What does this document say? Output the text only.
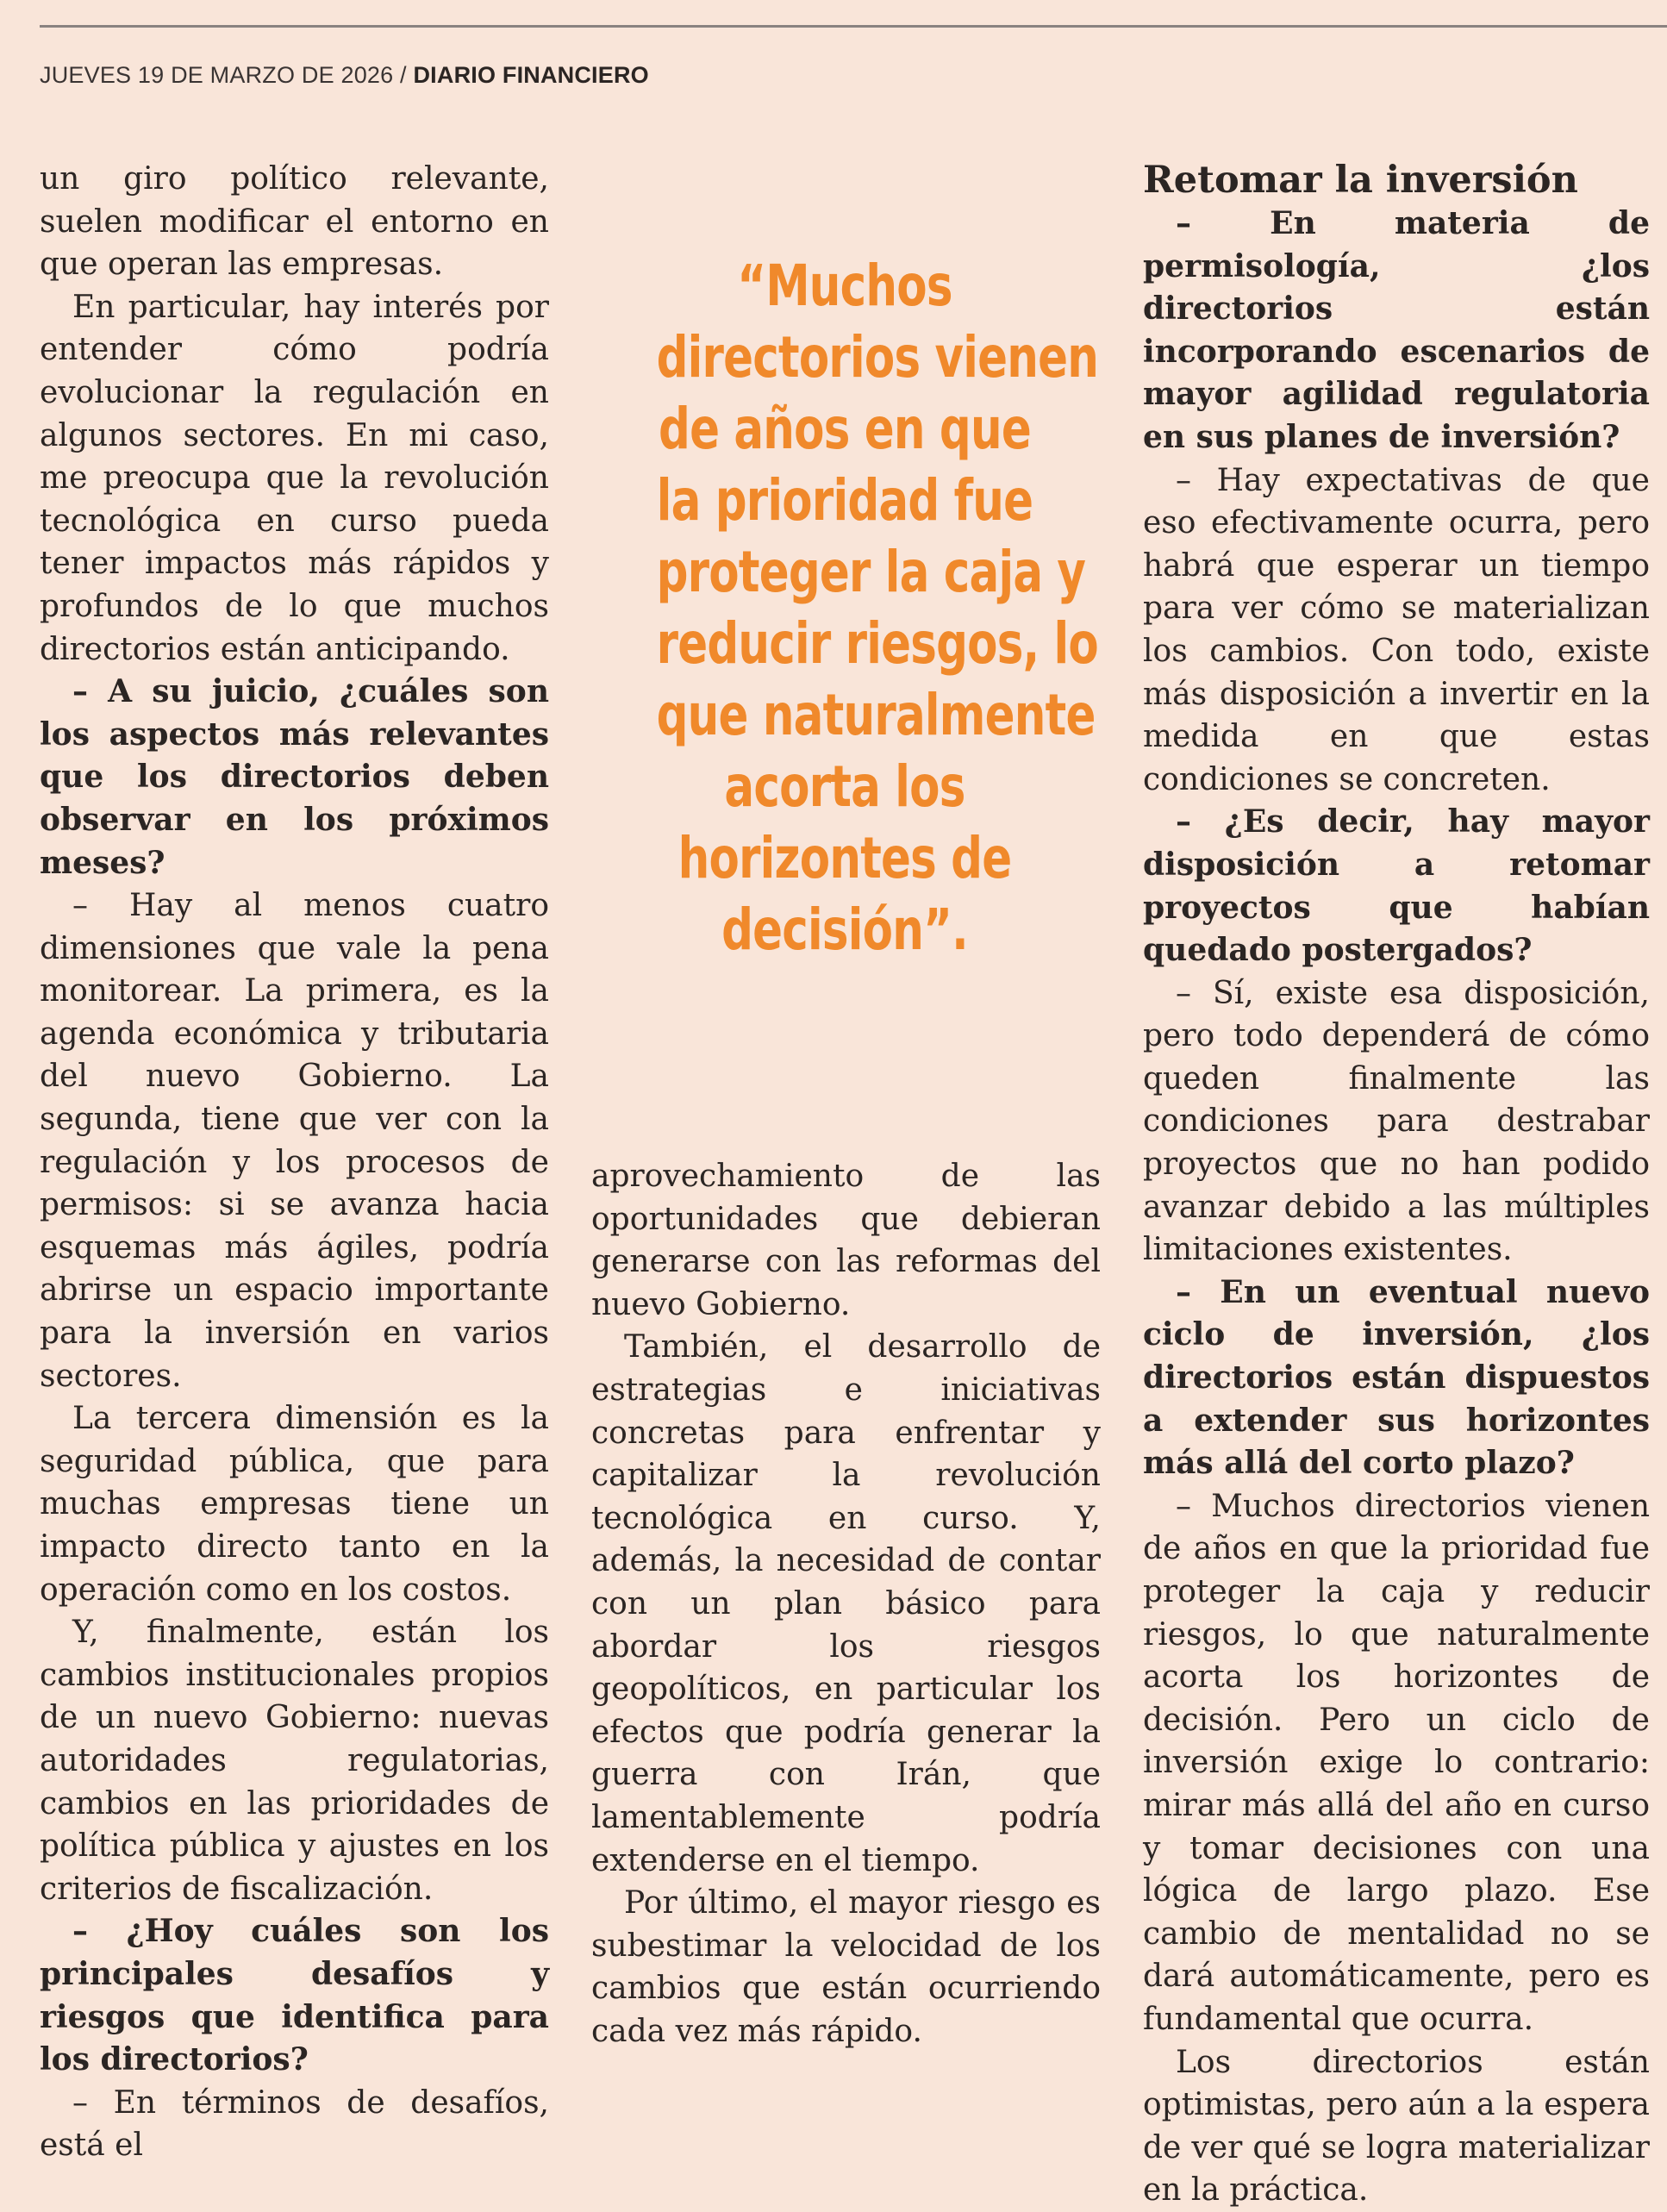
JUEVES 19 DE MARZO DE 2026 / DIARIO FINANCIERO

un giro político relevante, suelen modificar el entorno en que operan las empresas.

En particular, hay interés por entender cómo podría evolucionar la regulación en algunos sectores. En mi caso, me preocupa que la revolución tecnológica en curso pueda tener impactos más rápidos y profundos de lo que muchos directorios están anticipando.

– A su juicio, ¿cuáles son los aspectos más relevantes que los directorios deben observar en los próximos meses?

– Hay al menos cuatro dimensiones que vale la pena monitorear. La primera, es la agenda económica y tributaria del nuevo Gobierno. La segunda, tiene que ver con la regulación y los procesos de permisos: si se avanza hacia esquemas más ágiles, podría abrirse un espacio importante para la inversión en varios sectores.

La tercera dimensión es la seguridad pública, que para muchas empresas tiene un impacto directo tanto en la operación como en los costos.

Y, finalmente, están los cambios institucionales propios de un nuevo Gobierno: nuevas autoridades regulatorias, cambios en las prioridades de política pública y ajustes en los criterios de fiscalización.

– ¿Hoy cuáles son los principales desafíos y riesgos que identifica para los directorios?

– En términos de desafíos, está el

“Muchos
directorios vienen
de años en que
la prioridad fue
proteger la caja y
reducir riesgos, lo
que naturalmente
acorta los
horizontes de
decisión”.

aprovechamiento de las oportunidades que debieran generarse con las reformas del nuevo Gobierno.

También, el desarrollo de estrategias e iniciativas concretas para enfrentar y capitalizar la revolución tecnológica en curso. Y, además, la necesidad de contar con un plan básico para abordar los riesgos geopolíticos, en particular los efectos que podría generar la guerra con Irán, que lamentablemente podría extenderse en el tiempo.

Por último, el mayor riesgo es subestimar la velocidad de los cambios que están ocurriendo cada vez más rápido.

Retomar la inversión

– En materia de permisología, ¿los directorios están incorporando escenarios de mayor agilidad regulatoria en sus planes de inversión?

– Hay expectativas de que eso efectivamente ocurra, pero habrá que esperar un tiempo para ver cómo se materializan los cambios. Con todo, existe más disposición a invertir en la medida en que estas condiciones se concreten.

– ¿Es decir, hay mayor disposición a retomar proyectos que habían quedado postergados?

– Sí, existe esa disposición, pero todo dependerá de cómo queden finalmente las condiciones para destrabar proyectos que no han podido avanzar debido a las múltiples limitaciones existentes.

– En un eventual nuevo ciclo de inversión, ¿los directorios están dispuestos a extender sus horizontes más allá del corto plazo?

– Muchos directorios vienen de años en que la prioridad fue proteger la caja y reducir riesgos, lo que naturalmente acorta los horizontes de decisión. Pero un ciclo de inversión exige lo contrario: mirar más allá del año en curso y tomar decisiones con una lógica de largo plazo. Ese cambio de mentalidad no se dará automáticamente, pero es fundamental que ocurra.

Los directorios están optimistas, pero aún a la espera de ver qué se logra materializar en la práctica.
